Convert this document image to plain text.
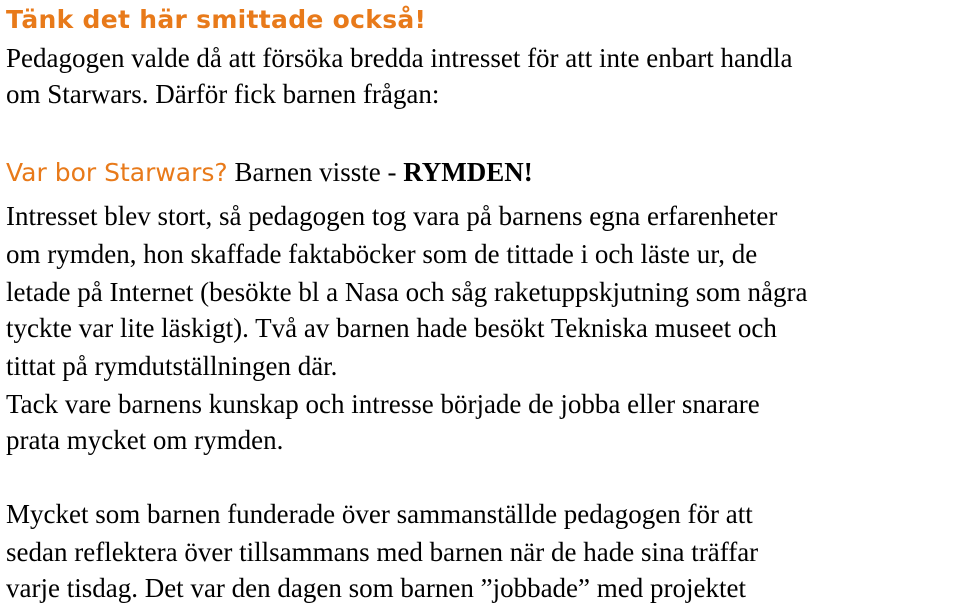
Tänk det här smittade också!
Pedagogen valde då att försöka bredda intresset för att inte enbart handla
om Starwars. Därför fick barnen frågan:
Var bor Starwars? Barnen visste - RYMDEN!
Intresset blev stort, så pedagogen tog vara på barnens egna erfarenheter
om rymden, hon skaffade faktaböcker som de tittade i och läste ur, de
letade på Internet (besökte bl a Nasa och såg raketuppskjutning som några
tyckte var lite läskigt). Två av barnen hade besökt Tekniska museet och
tittat på rymdutställningen där.
Tack vare barnens kunskap och intresse började de jobba eller snarare
prata mycket om rymden.
Mycket som barnen funderade över sammanställde pedagogen för att
sedan reflektera över tillsammans med barnen när de hade sina träffar
varje tisdag. Det var den dagen som barnen ”jobbade” med projektet
